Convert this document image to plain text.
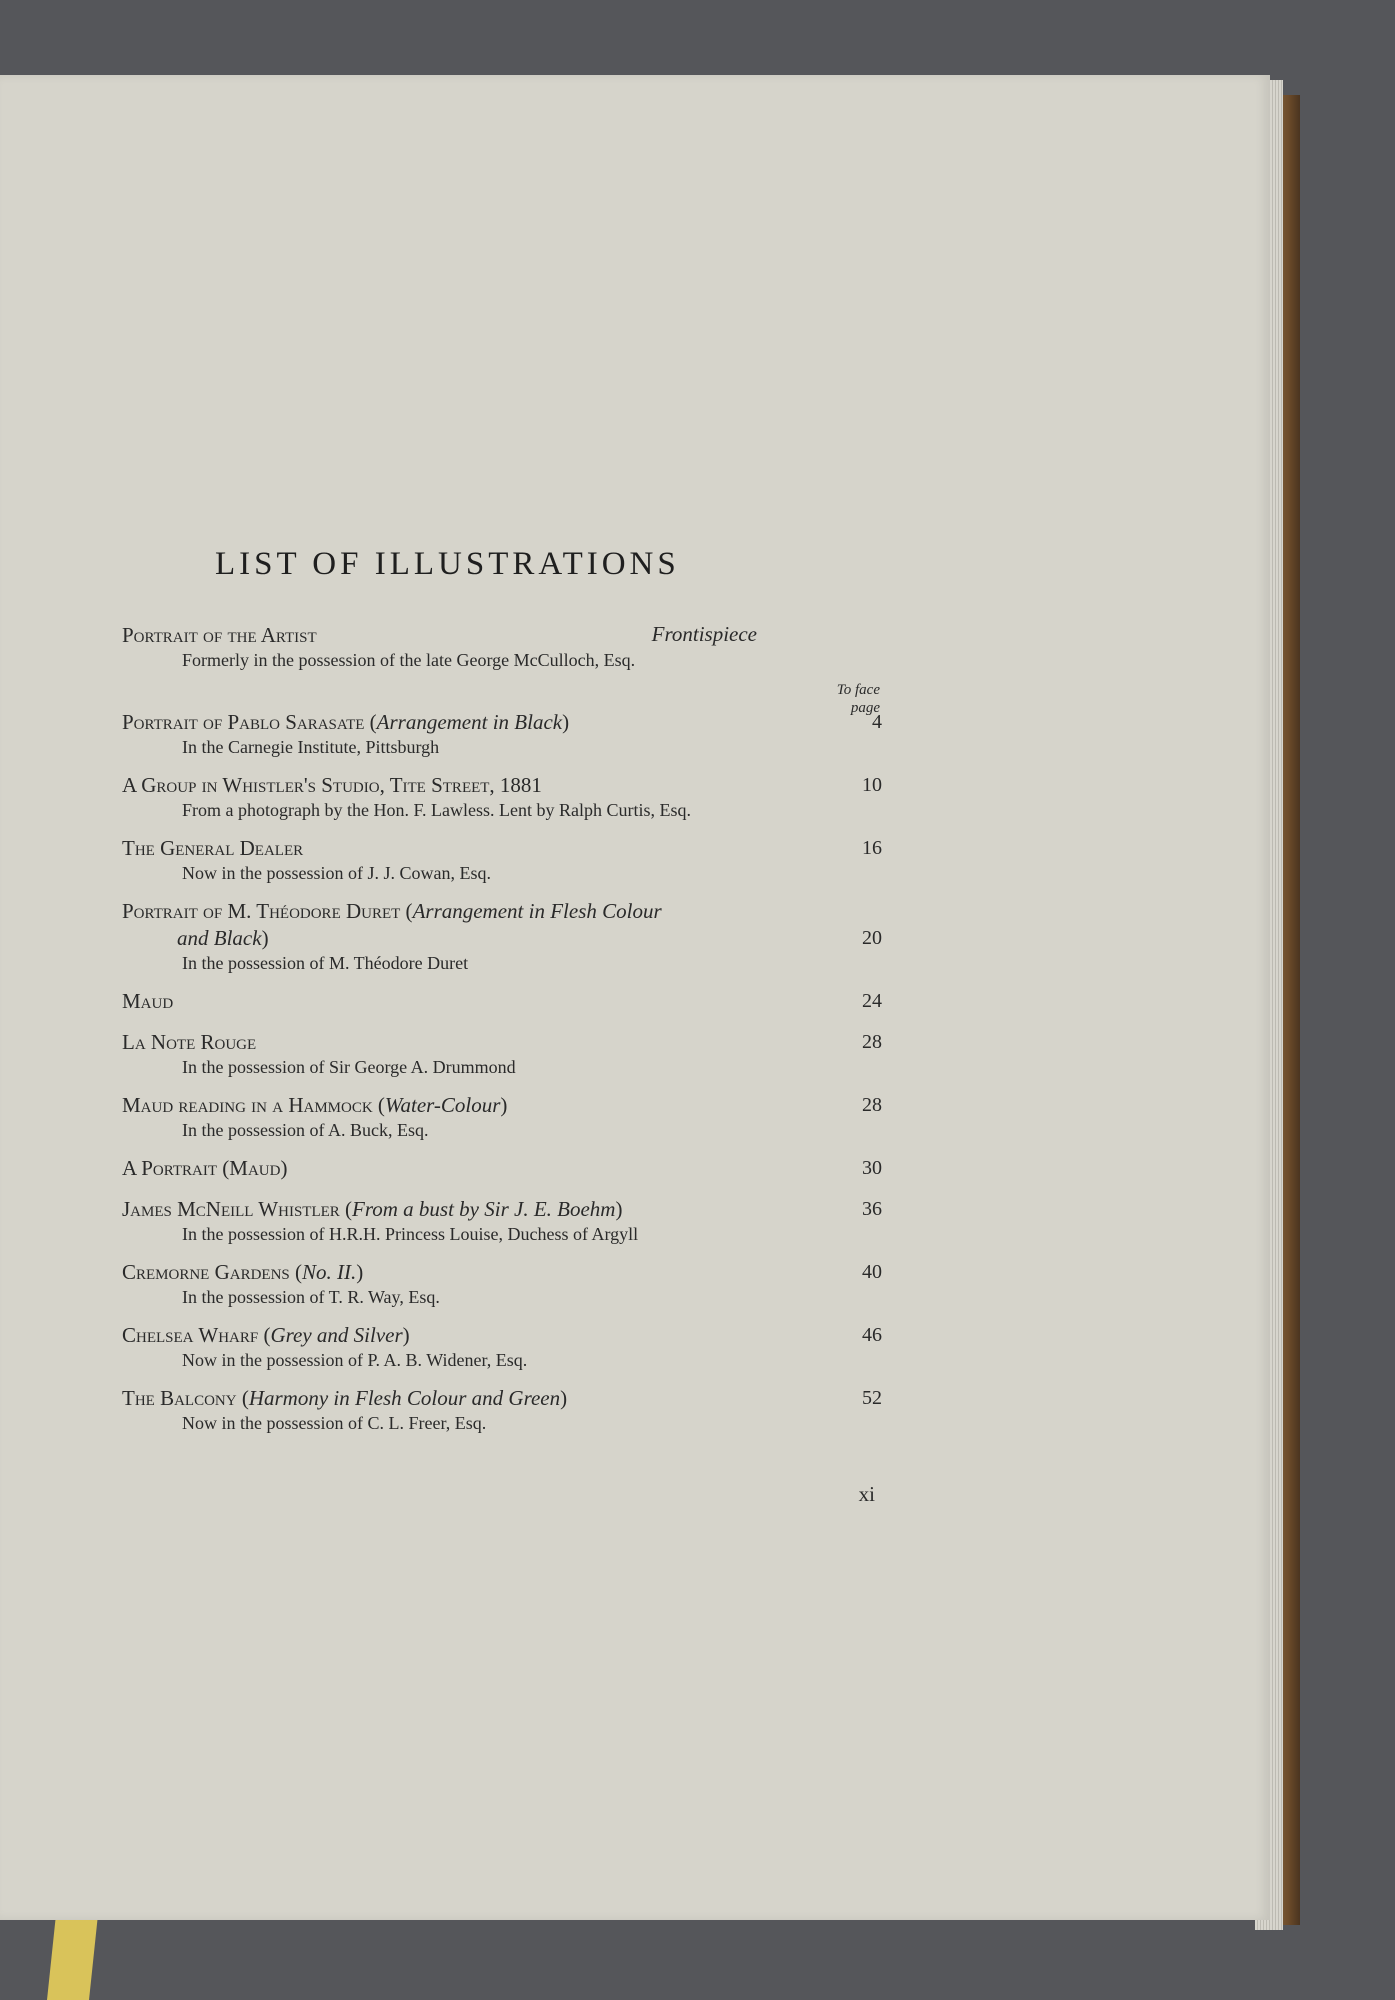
LIST OF ILLUSTRATIONS
To face
page
Portrait of the Artist	Frontispiece
Formerly in the possession of the late George McCulloch, Esq.
Portrait of Pablo Sarasate (Arrangement in Black)	4
In the Carnegie Institute, Pittsburgh
A Group in Whistler's Studio, Tite Street, 1881	10
From a photograph by the Hon. F. Lawless. Lent by Ralph Curtis, Esq.
The General Dealer	16
Now in the possession of J. J. Cowan, Esq.
Portrait of M. Théodore Duret (Arrangement in Flesh Colour
and Black)	20
In the possession of M. Théodore Duret
Maud	24
La Note Rouge	28
In the possession of Sir George A. Drummond
Maud reading in a Hammock (Water-Colour)	28
In the possession of A. Buck, Esq.
A Portrait (Maud)	30
James McNeill Whistler (From a bust by Sir J. E. Boehm)	36
In the possession of H.R.H. Princess Louise, Duchess of Argyll
Cremorne Gardens (No. II.)	40
In the possession of T. R. Way, Esq.
Chelsea Wharf (Grey and Silver)	46
Now in the possession of P. A. B. Widener, Esq.
The Balcony (Harmony in Flesh Colour and Green)	52
Now in the possession of C. L. Freer, Esq.
xi
